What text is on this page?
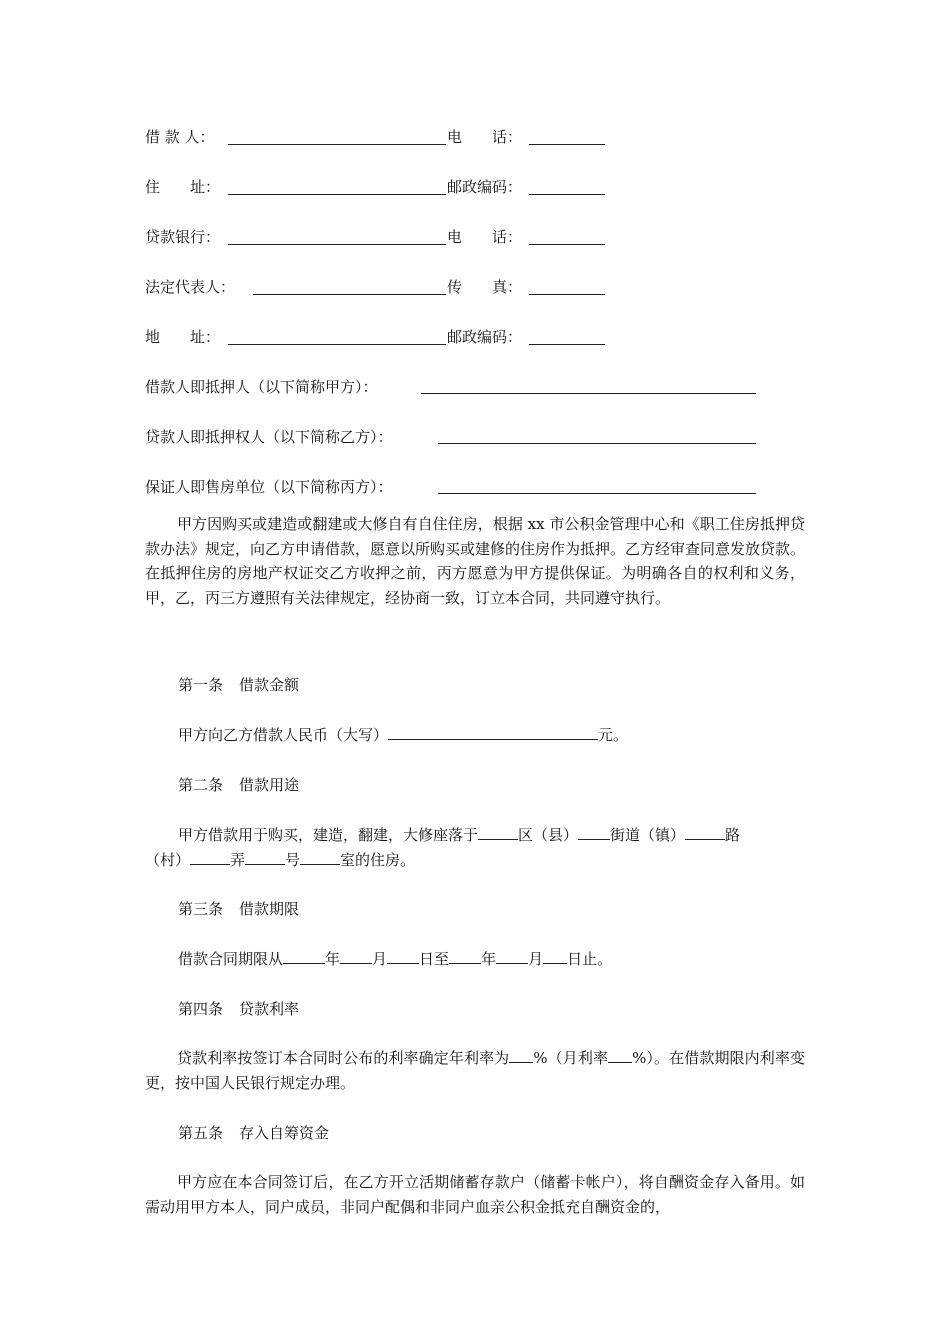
借 款 人：	电　　话：
住　　址：	邮政编码：
贷款银行：	电　　话：
法定代表人：	传　　真：
地　　址：	邮政编码：
借款人即抵押人（以下简称甲方）：
贷款人即抵押权人（以下简称乙方）：
保证人即售房单位（以下简称丙方）：

甲方因购买或建造或翻建或大修自有自住住房，根据 xx 市公积金管理中心和《职工住房抵押贷款办法》规定，向乙方申请借款，愿意以所购买或建修的住房作为抵押。乙方经审查同意发放贷款。在抵押住房的房地产权证交乙方收押之前，丙方愿意为甲方提供保证。为明确各自的权利和义务，甲，乙，丙三方遵照有关法律规定，经协商一致，订立本合同，共同遵守执行。

第一条 借款金额
甲方向乙方借款人民币（大写）	元。
第二条 借款用途
甲方借款用于购买，建造，翻建，大修座落于	区（县） 街道（镇）	路
（村）	弄	号	室的住房。
第三条 借款期限
借款合同期限从	年 月 日至 年 月 日止。
第四条 贷款利率

贷款利率按签订本合同时公布的利率确定年利率为 %（月利率 %）。在借款期限内利率变更，按中国人民银行规定办理。

第五条 存入自筹资金

甲方应在本合同签订后，在乙方开立活期储蓄存款户（储蓄卡帐户），将自酬资金存入备用。如需动用甲方本人，同户成员，非同户配偶和非同户血亲公积金抵充自酬资金的，
